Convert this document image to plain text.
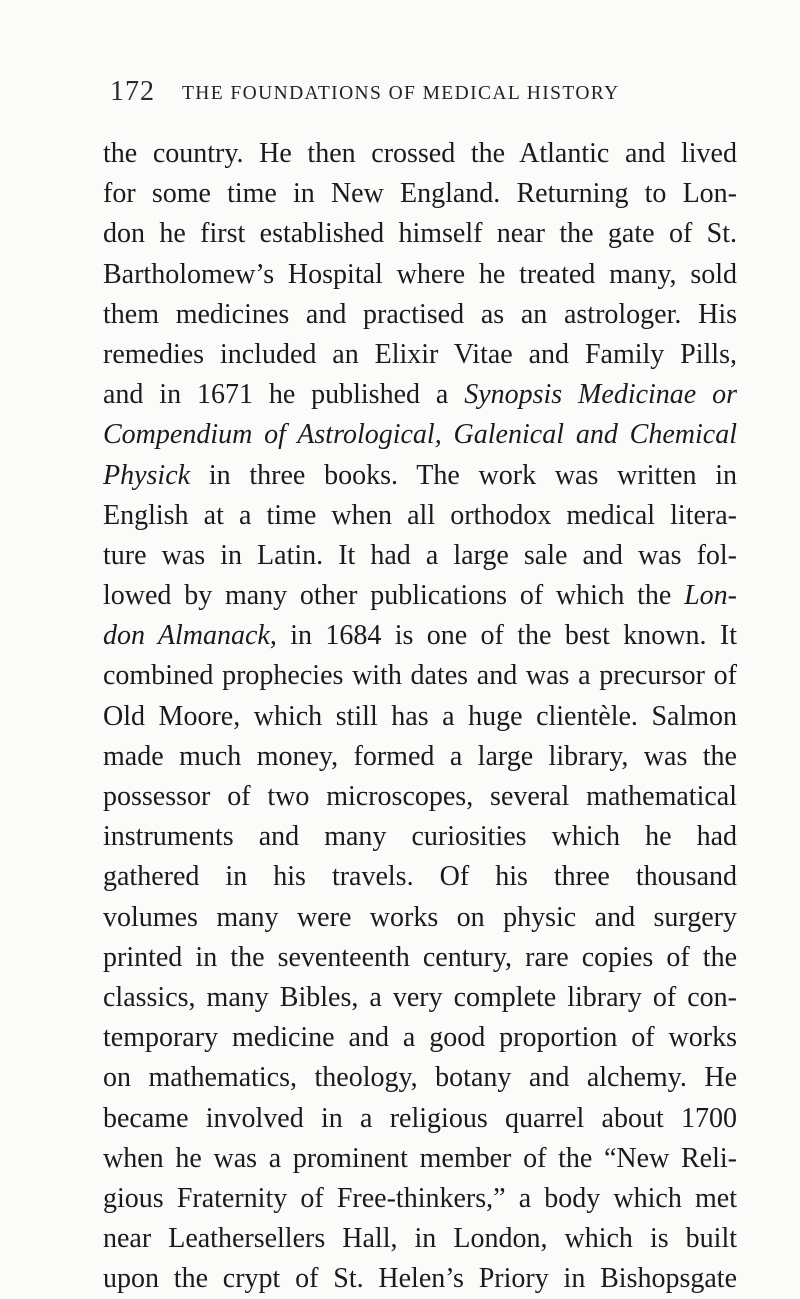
172 THE FOUNDATIONS OF MEDICAL HISTORY
the country. He then crossed the Atlantic and lived
for some time in New England. Returning to Lon-
don he first established himself near the gate of St.
Bartholomew’s Hospital where he treated many, sold
them medicines and practised as an astrologer. His
remedies included an Elixir Vitae and Family Pills,
and in 1671 he published a Synopsis Medicinae or
Compendium of Astrological, Galenical and Chemical
Physick in three books. The work was written in
English at a time when all orthodox medical litera-
ture was in Latin. It had a large sale and was fol-
lowed by many other publications of which the Lon-
don Almanack, in 1684 is one of the best known. It
combined prophecies with dates and was a precursor of
Old Moore, which still has a huge clientèle. Salmon
made much money, formed a large library, was the
possessor of two microscopes, several mathematical
instruments and many curiosities which he had
gathered in his travels. Of his three thousand
volumes many were works on physic and surgery
printed in the seventeenth century, rare copies of the
classics, many Bibles, a very complete library of con-
temporary medicine and a good proportion of works
on mathematics, theology, botany and alchemy. He
became involved in a religious quarrel about 1700
when he was a prominent member of the “New Reli-
gious Fraternity of Free-thinkers,” a body which met
near Leathersellers Hall, in London, which is built
upon the crypt of St. Helen’s Priory in Bishopsgate
